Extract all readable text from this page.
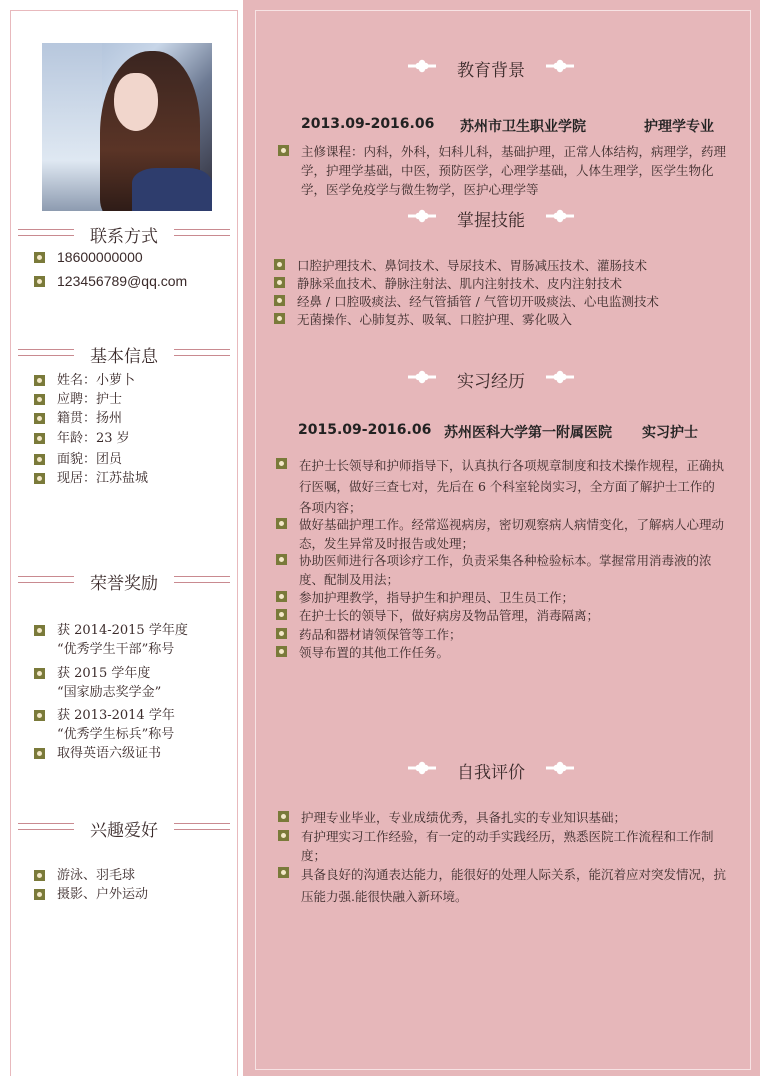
联系方式
18600000000
123456789@qq.com
基本信息
姓名：小萝卜
应聘：护士
籍贯：扬州
年龄：23 岁
面貌：团员
现居：江苏盐城
荣誉奖励
获 2014-2015 学年度
“优秀学生干部”称号
获 2015 学年度
“国家励志奖学金”
获 2013-2014 学年
“优秀学生标兵”称号
取得英语六级证书
兴趣爱好
游泳、羽毛球
摄影、户外运动
教育背景
2013.09-2016.06 苏州市卫生职业学院	护理学专业
主修课程：内科，外科，妇科儿科，基础护理，正常人体结构，病理学，药理学，护理学基础，中医，预防医学，心理学基础，人体生理学，医学生物化学，医学免疫学与微生物学，医护心理学等
掌握技能
口腔护理技术、鼻饲技术、导尿技术、胃肠减压技术、灌肠技术
静脉采血技术、静脉注射法、肌内注射技术、皮内注射技术
经鼻 / 口腔吸痰法、经气管插管 / 气管切开吸痰法、心电监测技术
无菌操作、心肺复苏、吸氧、口腔护理、雾化吸入
实习经历
2015.09-2016.06 苏州医科大学第一附属医院 实习护士
在护士长领导和护师指导下，认真执行各项规章制度和技术操作规程，正确执行医嘱，做好三查七对，先后在 6 个科室轮岗实习，全方面了解护士工作的各项内容；
做好基础护理工作。经常巡视病房，密切观察病人病情变化，了解病人心理动态，发生异常及时报告或处理；
协助医师进行各项诊疗工作，负责采集各种检验标本。掌握常用消毒液的浓度、配制及用法；
参加护理教学，指导护生和护理员、卫生员工作；
在护士长的领导下，做好病房及物品管理，消毒隔离；
药品和器材请领保管等工作；
领导布置的其他工作任务。
自我评价
护理专业毕业，专业成绩优秀，具备扎实的专业知识基础；
有护理实习工作经验，有一定的动手实践经历，熟悉医院工作流程和工作制度；
具备良好的沟通表达能力，能很好的处理人际关系，能沉着应对突发情况，抗压能力强.能很快融入新环境。
